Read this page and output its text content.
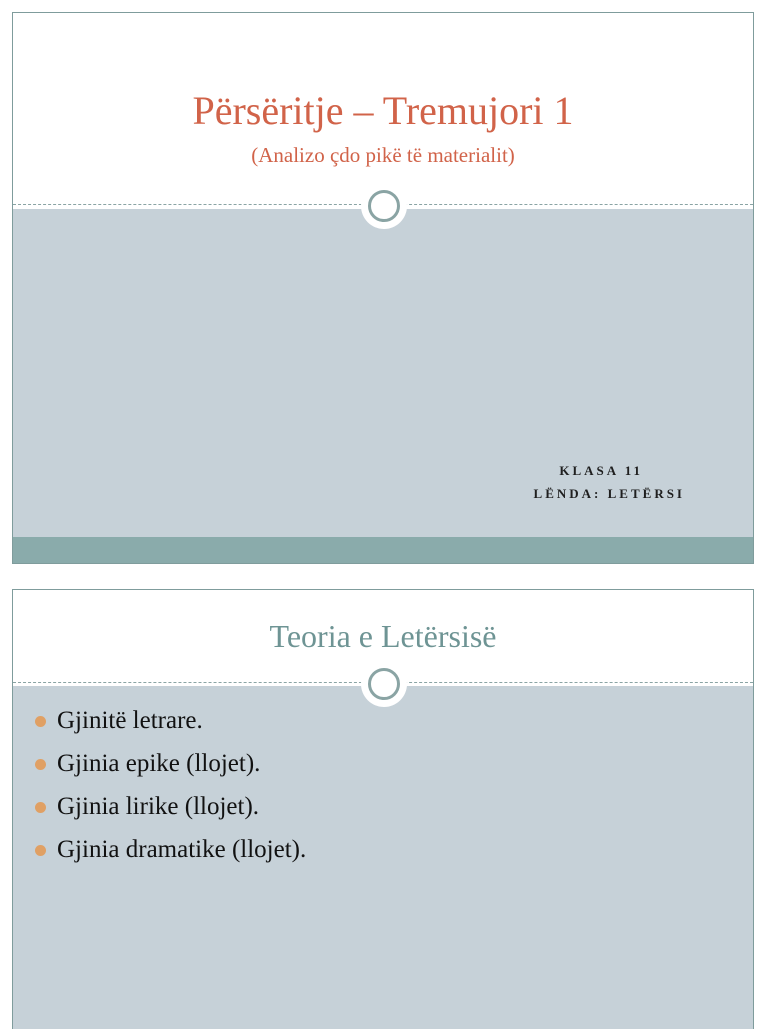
Përsëritje – Tremujori 1
(Analizo çdo pikë të materialit)
KLASA 11
LËNDA: LETËRSI
Teoria e Letërsisë
Gjinitë letrare.
Gjinia epike (llojet).
Gjinia lirike (llojet).
Gjinia dramatike (llojet).
